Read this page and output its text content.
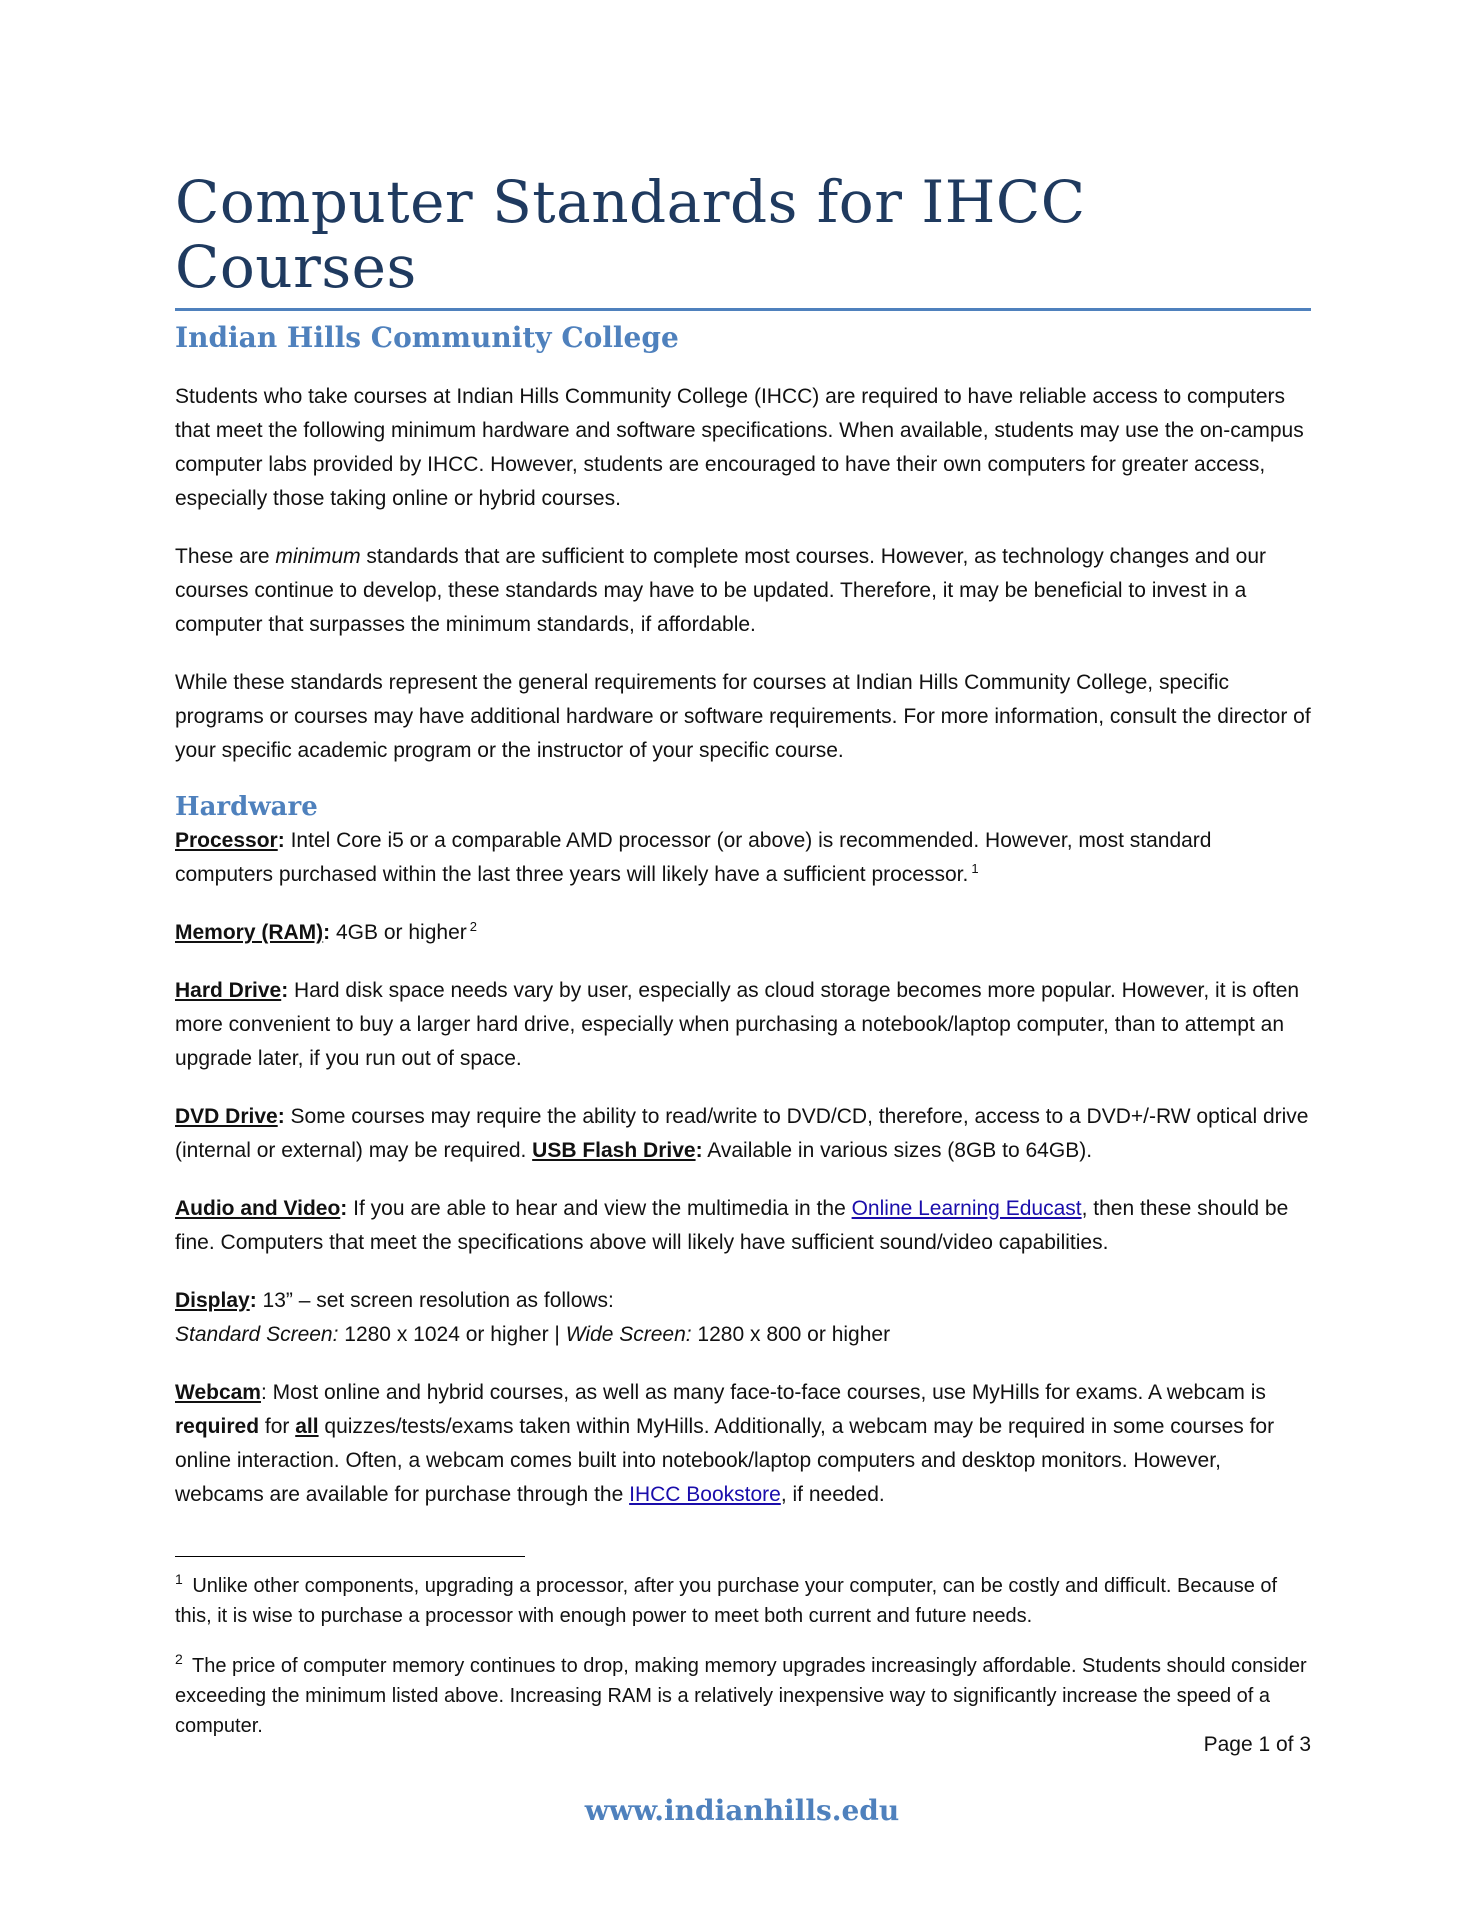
Computer Standards for IHCC Courses
Indian Hills Community College

Students who take courses at Indian Hills Community College (IHCC) are required to have reliable access to computers that meet the following minimum hardware and software specifications. When available, students may use the on-campus computer labs provided by IHCC. However, students are encouraged to have their own computers for greater access, especially those taking online or hybrid courses.

These are minimum standards that are sufficient to complete most courses. However, as technology changes and our courses continue to develop, these standards may have to be updated. Therefore, it may be beneficial to invest in a computer that surpasses the minimum standards, if affordable.

While these standards represent the general requirements for courses at Indian Hills Community College, specific programs or courses may have additional hardware or software requirements. For more information, consult the director of your specific academic program or the instructor of your specific course.

Hardware

Processor: Intel Core i5 or a comparable AMD processor (or above) is recommended. However, most standard computers purchased within the last three years will likely have a sufficient processor. $^1$

Memory (RAM): 4GB or higher $^2$

Hard Drive: Hard disk space needs vary by user, especially as cloud storage becomes more popular. However, it is often more convenient to buy a larger hard drive, especially when purchasing a notebook/laptop computer, than to attempt an upgrade later, if you run out of space.

DVD Drive: Some courses may require the ability to read/write to DVD/CD, therefore, access to a DVD+/-RW optical drive (internal or external) may be required. USB Flash Drive: Available in various sizes (8GB to 64GB).

Audio and Video: If you are able to hear and view the multimedia in the Online Learning Educast, then these should be fine. Computers that meet the specifications above will likely have sufficient sound/video capabilities.

Display: 13” – set screen resolution as follows:
Standard Screen: 1280 x 1024 or higher | Wide Screen: 1280 x 800 or higher

Webcam: Most online and hybrid courses, as well as many face-to-face courses, use MyHills for exams. A webcam is required for all quizzes/tests/exams taken within MyHills. Additionally, a webcam may be required in some courses for online interaction. Often, a webcam comes built into notebook/laptop computers and desktop monitors. However, webcams are available for purchase through the IHCC Bookstore, if needed.

$^1$ Unlike other components, upgrading a processor, after you purchase your computer, can be costly and difficult. Because of this, it is wise to purchase a processor with enough power to meet both current and future needs.

$^2$ The price of computer memory continues to drop, making memory upgrades increasingly affordable. Students should consider exceeding the minimum listed above. Increasing RAM is a relatively inexpensive way to significantly increase the speed of a computer.

Page 1 of 3
www.indianhills.edu
